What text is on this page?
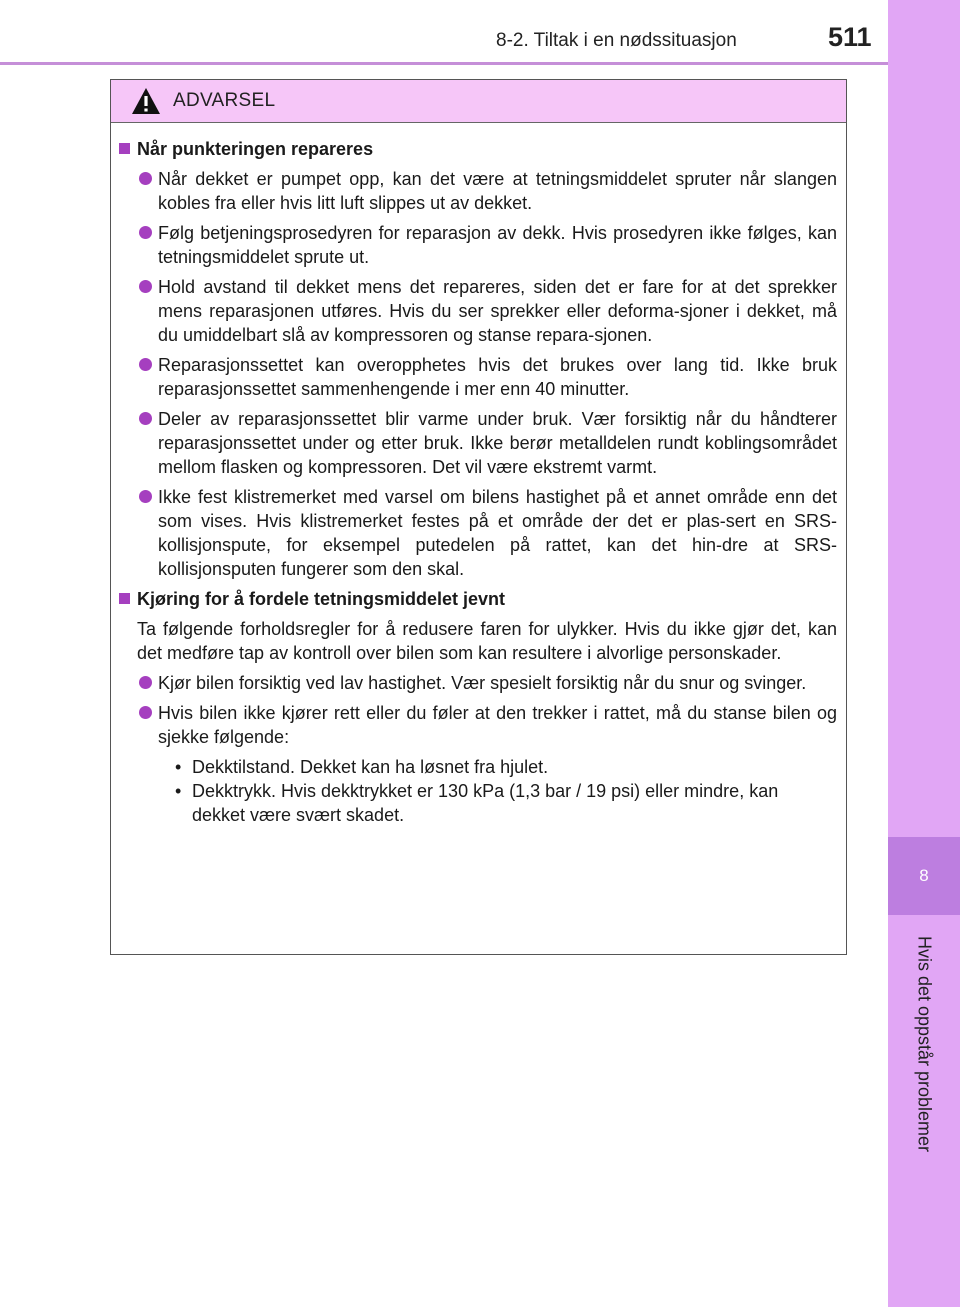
8-2. Tiltak i en nødssituasjon	511
8
Hvis det oppstår problemer
ADVARSEL
Når punkteringen repareres
Når dekket er pumpet opp, kan det være at tetningsmiddelet spruter når slangen kobles fra eller hvis litt luft slippes ut av dekket.
Følg betjeningsprosedyren for reparasjon av dekk. Hvis prosedyren ikke følges, kan tetningsmiddelet sprute ut.
Hold avstand til dekket mens det repareres, siden det er fare for at det sprekker mens reparasjonen utføres. Hvis du ser sprekker eller deforma-sjoner i dekket, må du umiddelbart slå av kompressoren og stanse repara-sjonen.
Reparasjonssettet kan overopphetes hvis det brukes over lang tid. Ikke bruk reparasjonssettet sammenhengende i mer enn 40 minutter.
Deler av reparasjonssettet blir varme under bruk. Vær forsiktig når du håndterer reparasjonssettet under og etter bruk. Ikke berør metalldelen rundt koblingsområdet mellom flasken og kompressoren. Det vil være ekstremt varmt.
Ikke fest klistremerket med varsel om bilens hastighet på et annet område enn det som vises. Hvis klistremerket festes på et område der det er plas-sert en SRS-kollisjonspute, for eksempel putedelen på rattet, kan det hin-dre at SRS-kollisjonsputen fungerer som den skal.
Kjøring for å fordele tetningsmiddelet jevnt
Ta følgende forholdsregler for å redusere faren for ulykker. Hvis du ikke gjør det, kan det medføre tap av kontroll over bilen som kan resultere i alvorlige personskader.
Kjør bilen forsiktig ved lav hastighet. Vær spesielt forsiktig når du snur og svinger.
Hvis bilen ikke kjører rett eller du føler at den trekker i rattet, må du stanse bilen og sjekke følgende:
• Dekktilstand. Dekket kan ha løsnet fra hjulet.
• Dekktrykk. Hvis dekktrykket er 130 kPa (1,3 bar / 19 psi) eller mindre, kan dekket være svært skadet.
